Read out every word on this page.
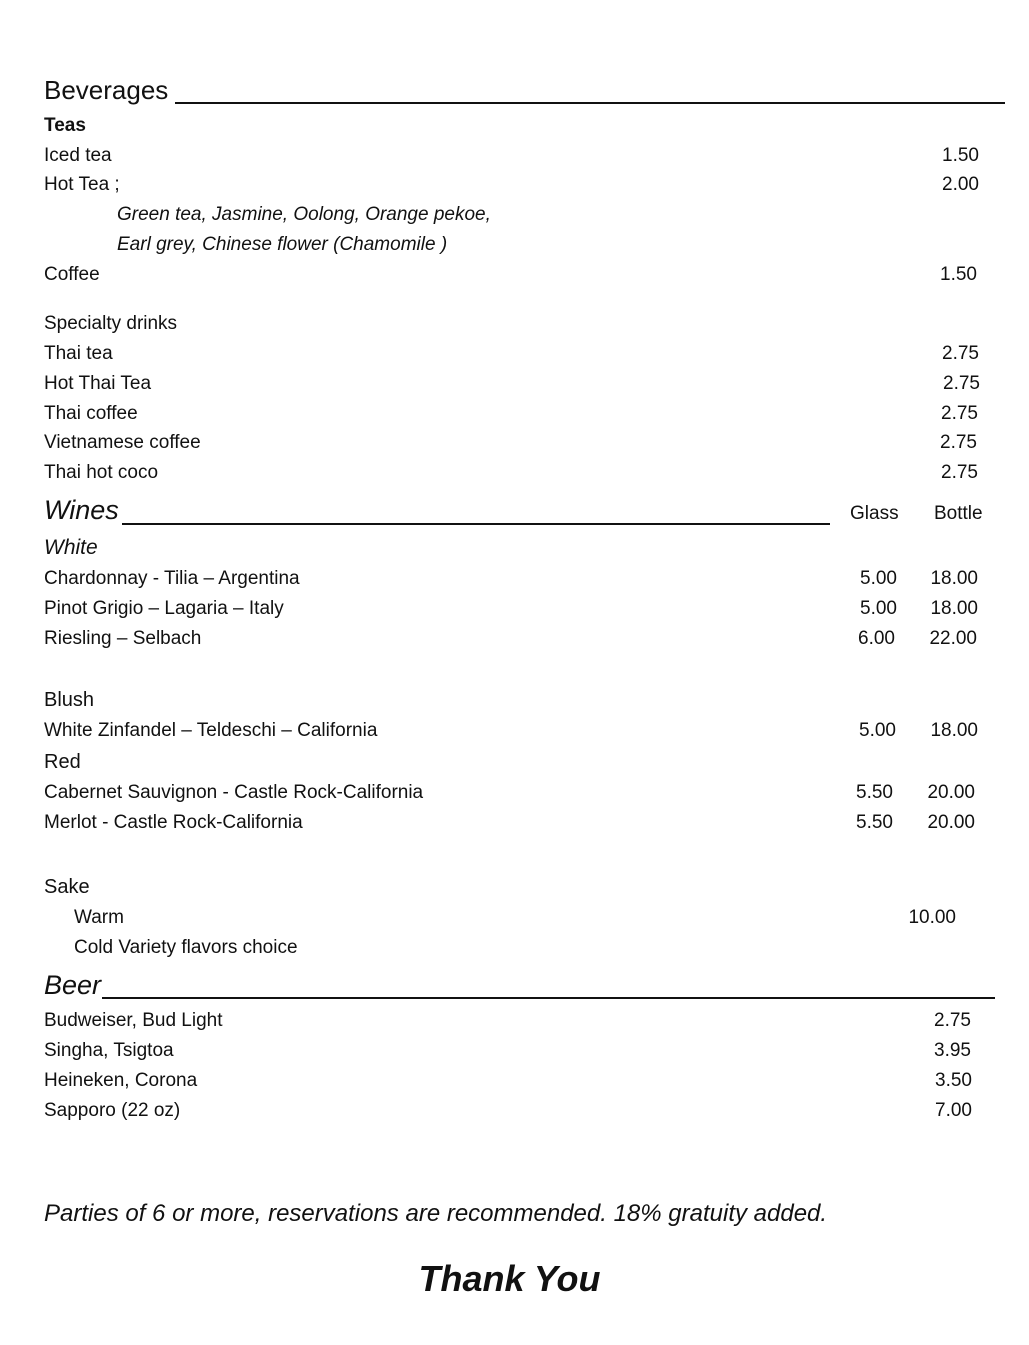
Beverages
Teas
Iced tea	1.50
Hot Tea ;	2.00
Green tea, Jasmine, Oolong, Orange pekoe,
Earl grey, Chinese flower (Chamomile )
Coffee	1.50
Specialty drinks
Thai tea	2.75
Hot Thai Tea	2.75
Thai coffee	2.75
Vietnamese coffee	2.75
Thai hot coco	2.75
Wines	Glass Bottle
White
Chardonnay - Tilia – Argentina	5.00	18.00
Pinot Grigio – Lagaria – Italy	5.00	18.00
Riesling – Selbach	6.00	22.00
Blush
White Zinfandel – Teldeschi – California	5.00	18.00
Red
Cabernet Sauvignon - Castle Rock-California	5.50	20.00
Merlot - Castle Rock-California	5.50	20.00
Sake
Warm	10.00
Cold Variety flavors choice
Beer
Budweiser, Bud Light	2.75
Singha, Tsigtoa	3.95
Heineken, Corona	3.50
Sapporo (22 oz)	7.00
Parties of 6 or more, reservations are recommended. 18% gratuity added.
Thank You
